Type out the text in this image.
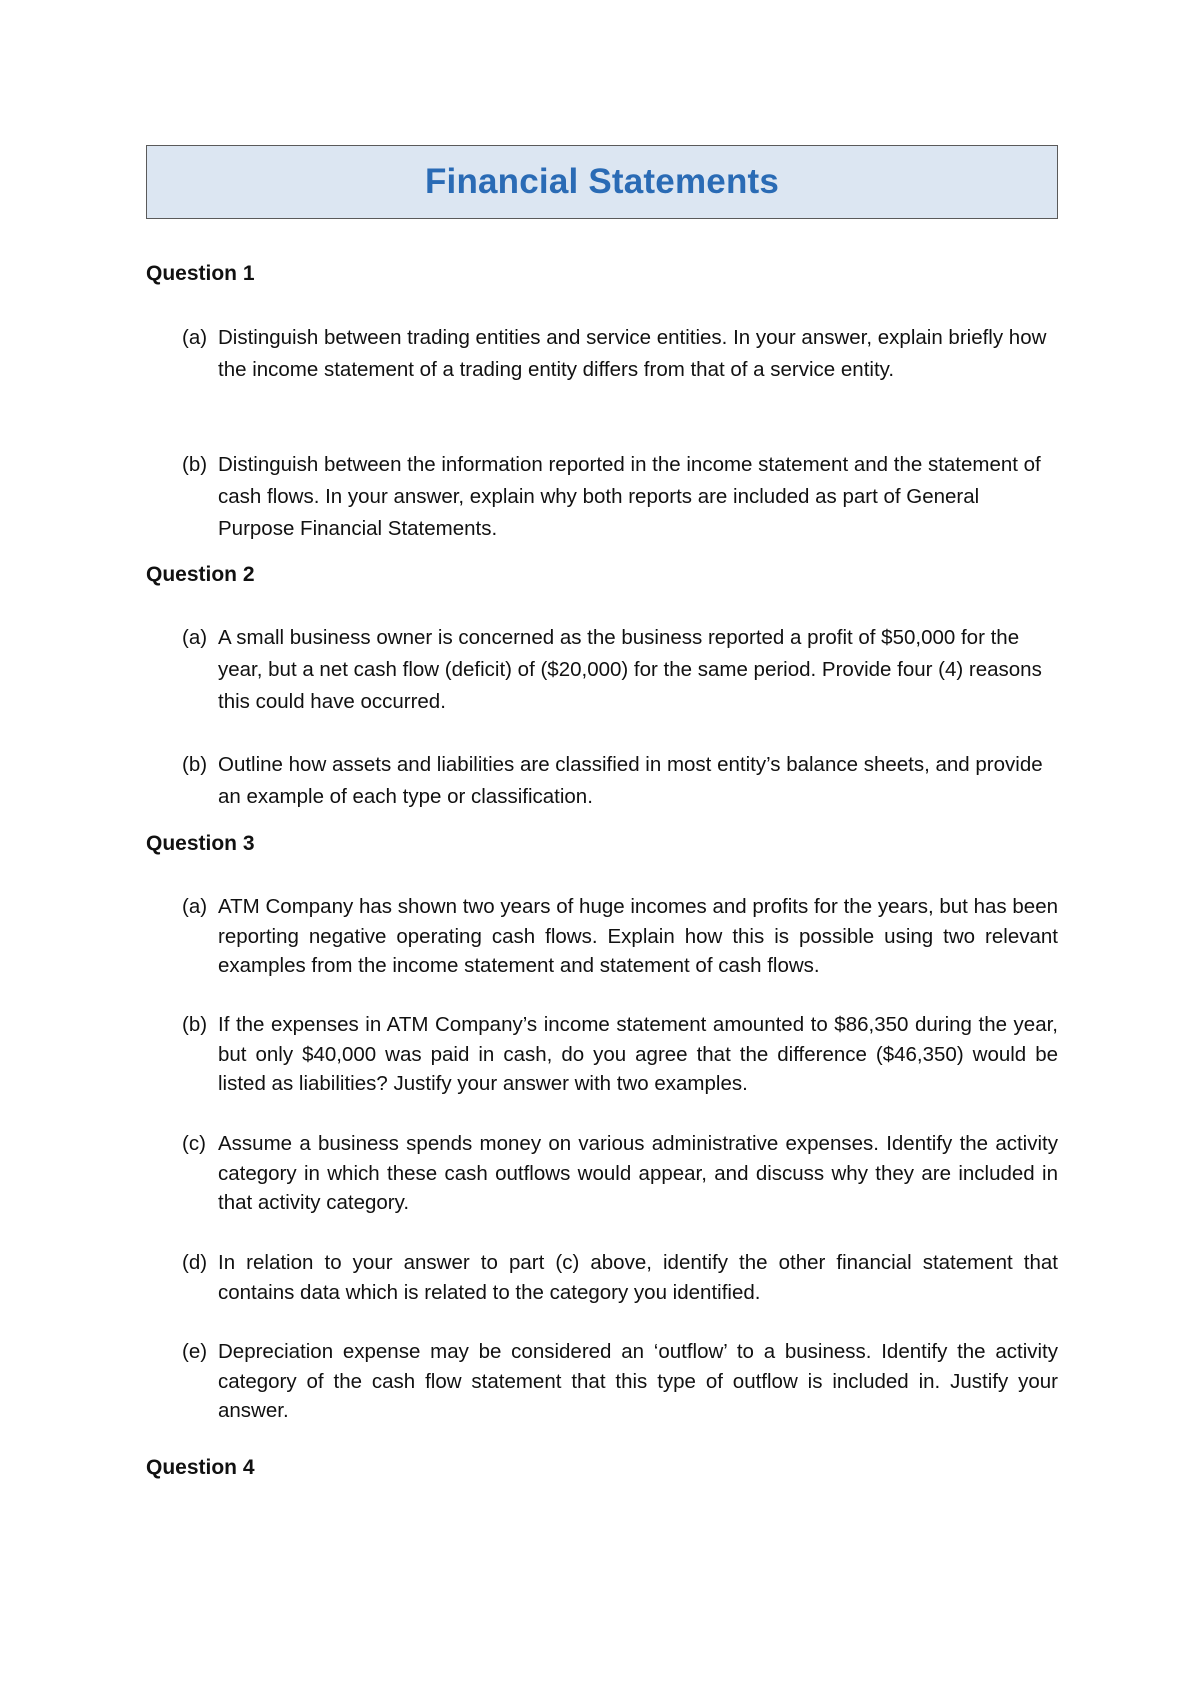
Financial Statements
Question 1
(a) Distinguish between trading entities and service entities. In your answer, explain briefly how the income statement of a trading entity differs from that of a service entity.
(b) Distinguish between the information reported in the income statement and the statement of cash flows. In your answer, explain why both reports are included as part of General Purpose Financial Statements.
Question 2
(a) A small business owner is concerned as the business reported a profit of $50,000 for the year, but a net cash flow (deficit) of ($20,000) for the same period. Provide four (4) reasons this could have occurred.
(b) Outline how assets and liabilities are classified in most entity’s balance sheets, and provide an example of each type or classification.
Question 3
(a) ATM Company has shown two years of huge incomes and profits for the years, but has been reporting negative operating cash flows. Explain how this is possible using two relevant examples from the income statement and statement of cash flows.
(b) If the expenses in ATM Company’s income statement amounted to $86,350 during the year, but only $40,000 was paid in cash, do you agree that the difference ($46,350) would be listed as liabilities? Justify your answer with two examples.
(c) Assume a business spends money on various administrative expenses. Identify the activity category in which these cash outflows would appear, and discuss why they are included in that activity category.
(d) In relation to your answer to part (c) above, identify the other financial statement that contains data which is related to the category you identified.
(e) Depreciation expense may be considered an ‘outflow’ to a business. Identify the activity category of the cash flow statement that this type of outflow is included in. Justify your answer.
Question 4
